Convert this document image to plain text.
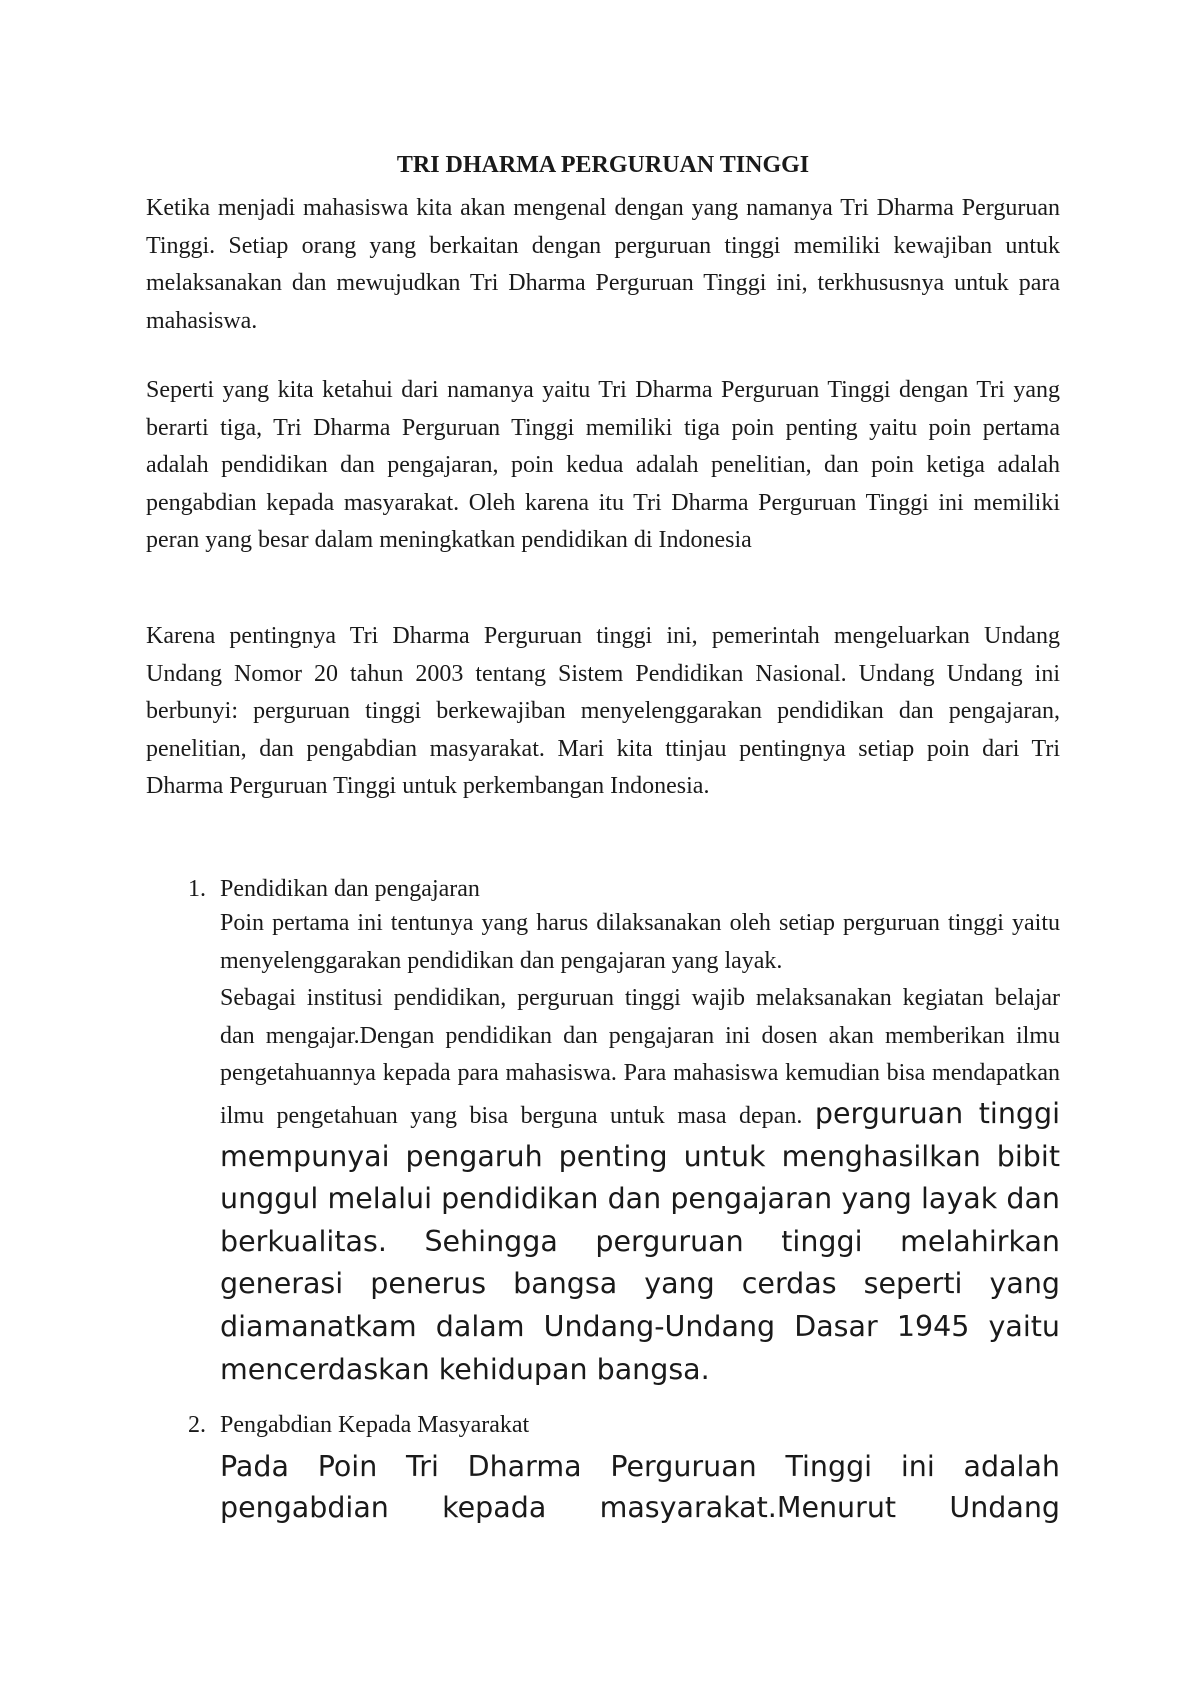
TRI DHARMA PERGURUAN TINGGI

Ketika menjadi mahasiswa kita akan mengenal dengan yang namanya Tri Dharma Perguruan Tinggi. Setiap orang yang berkaitan dengan perguruan tinggi memiliki kewajiban untuk melaksanakan dan mewujudkan Tri Dharma Perguruan Tinggi ini, terkhususnya untuk para mahasiswa.

Seperti yang kita ketahui dari namanya yaitu Tri Dharma Perguruan Tinggi dengan Tri yang berarti tiga, Tri Dharma Perguruan Tinggi memiliki tiga poin penting yaitu poin pertama adalah pendidikan dan pengajaran, poin kedua adalah penelitian, dan poin ketiga adalah pengabdian kepada masyarakat. Oleh karena itu Tri Dharma Perguruan Tinggi ini memiliki peran yang besar dalam meningkatkan pendidikan di Indonesia

Karena pentingnya Tri Dharma Perguruan tinggi ini, pemerintah mengeluarkan Undang Undang Nomor 20 tahun 2003 tentang Sistem Pendidikan Nasional. Undang Undang ini berbunyi: perguruan tinggi berkewajiban menyelenggarakan pendidikan dan pengajaran, penelitian, dan pengabdian masyarakat. Mari kita ttinjau pentingnya setiap poin dari Tri Dharma Perguruan Tinggi untuk perkembangan Indonesia.

1. Pendidikan dan pengajaran

Poin pertama ini tentunya yang harus dilaksanakan oleh setiap perguruan tinggi yaitu menyelenggarakan pendidikan dan pengajaran yang layak.

Sebagai institusi pendidikan, perguruan tinggi wajib melaksanakan kegiatan belajar dan mengajar.Dengan pendidikan dan pengajaran ini dosen akan memberikan ilmu pengetahuannya kepada para mahasiswa. Para mahasiswa kemudian bisa mendapatkan ilmu pengetahuan yang bisa berguna untuk masa depan. perguruan tinggi mempunyai pengaruh penting untuk menghasilkan bibit unggul melalui pendidikan dan pengajaran yang layak dan berkualitas. Sehingga perguruan tinggi melahirkan generasi penerus bangsa yang cerdas seperti yang diamanatkam dalam Undang-Undang Dasar 1945 yaitu mencerdaskan kehidupan bangsa.

2. Pengabdian Kepada Masyarakat
Pada Poin Tri Dharma Perguruan Tinggi ini adalah pengabdian kepada masyarakat.Menurut Undang
